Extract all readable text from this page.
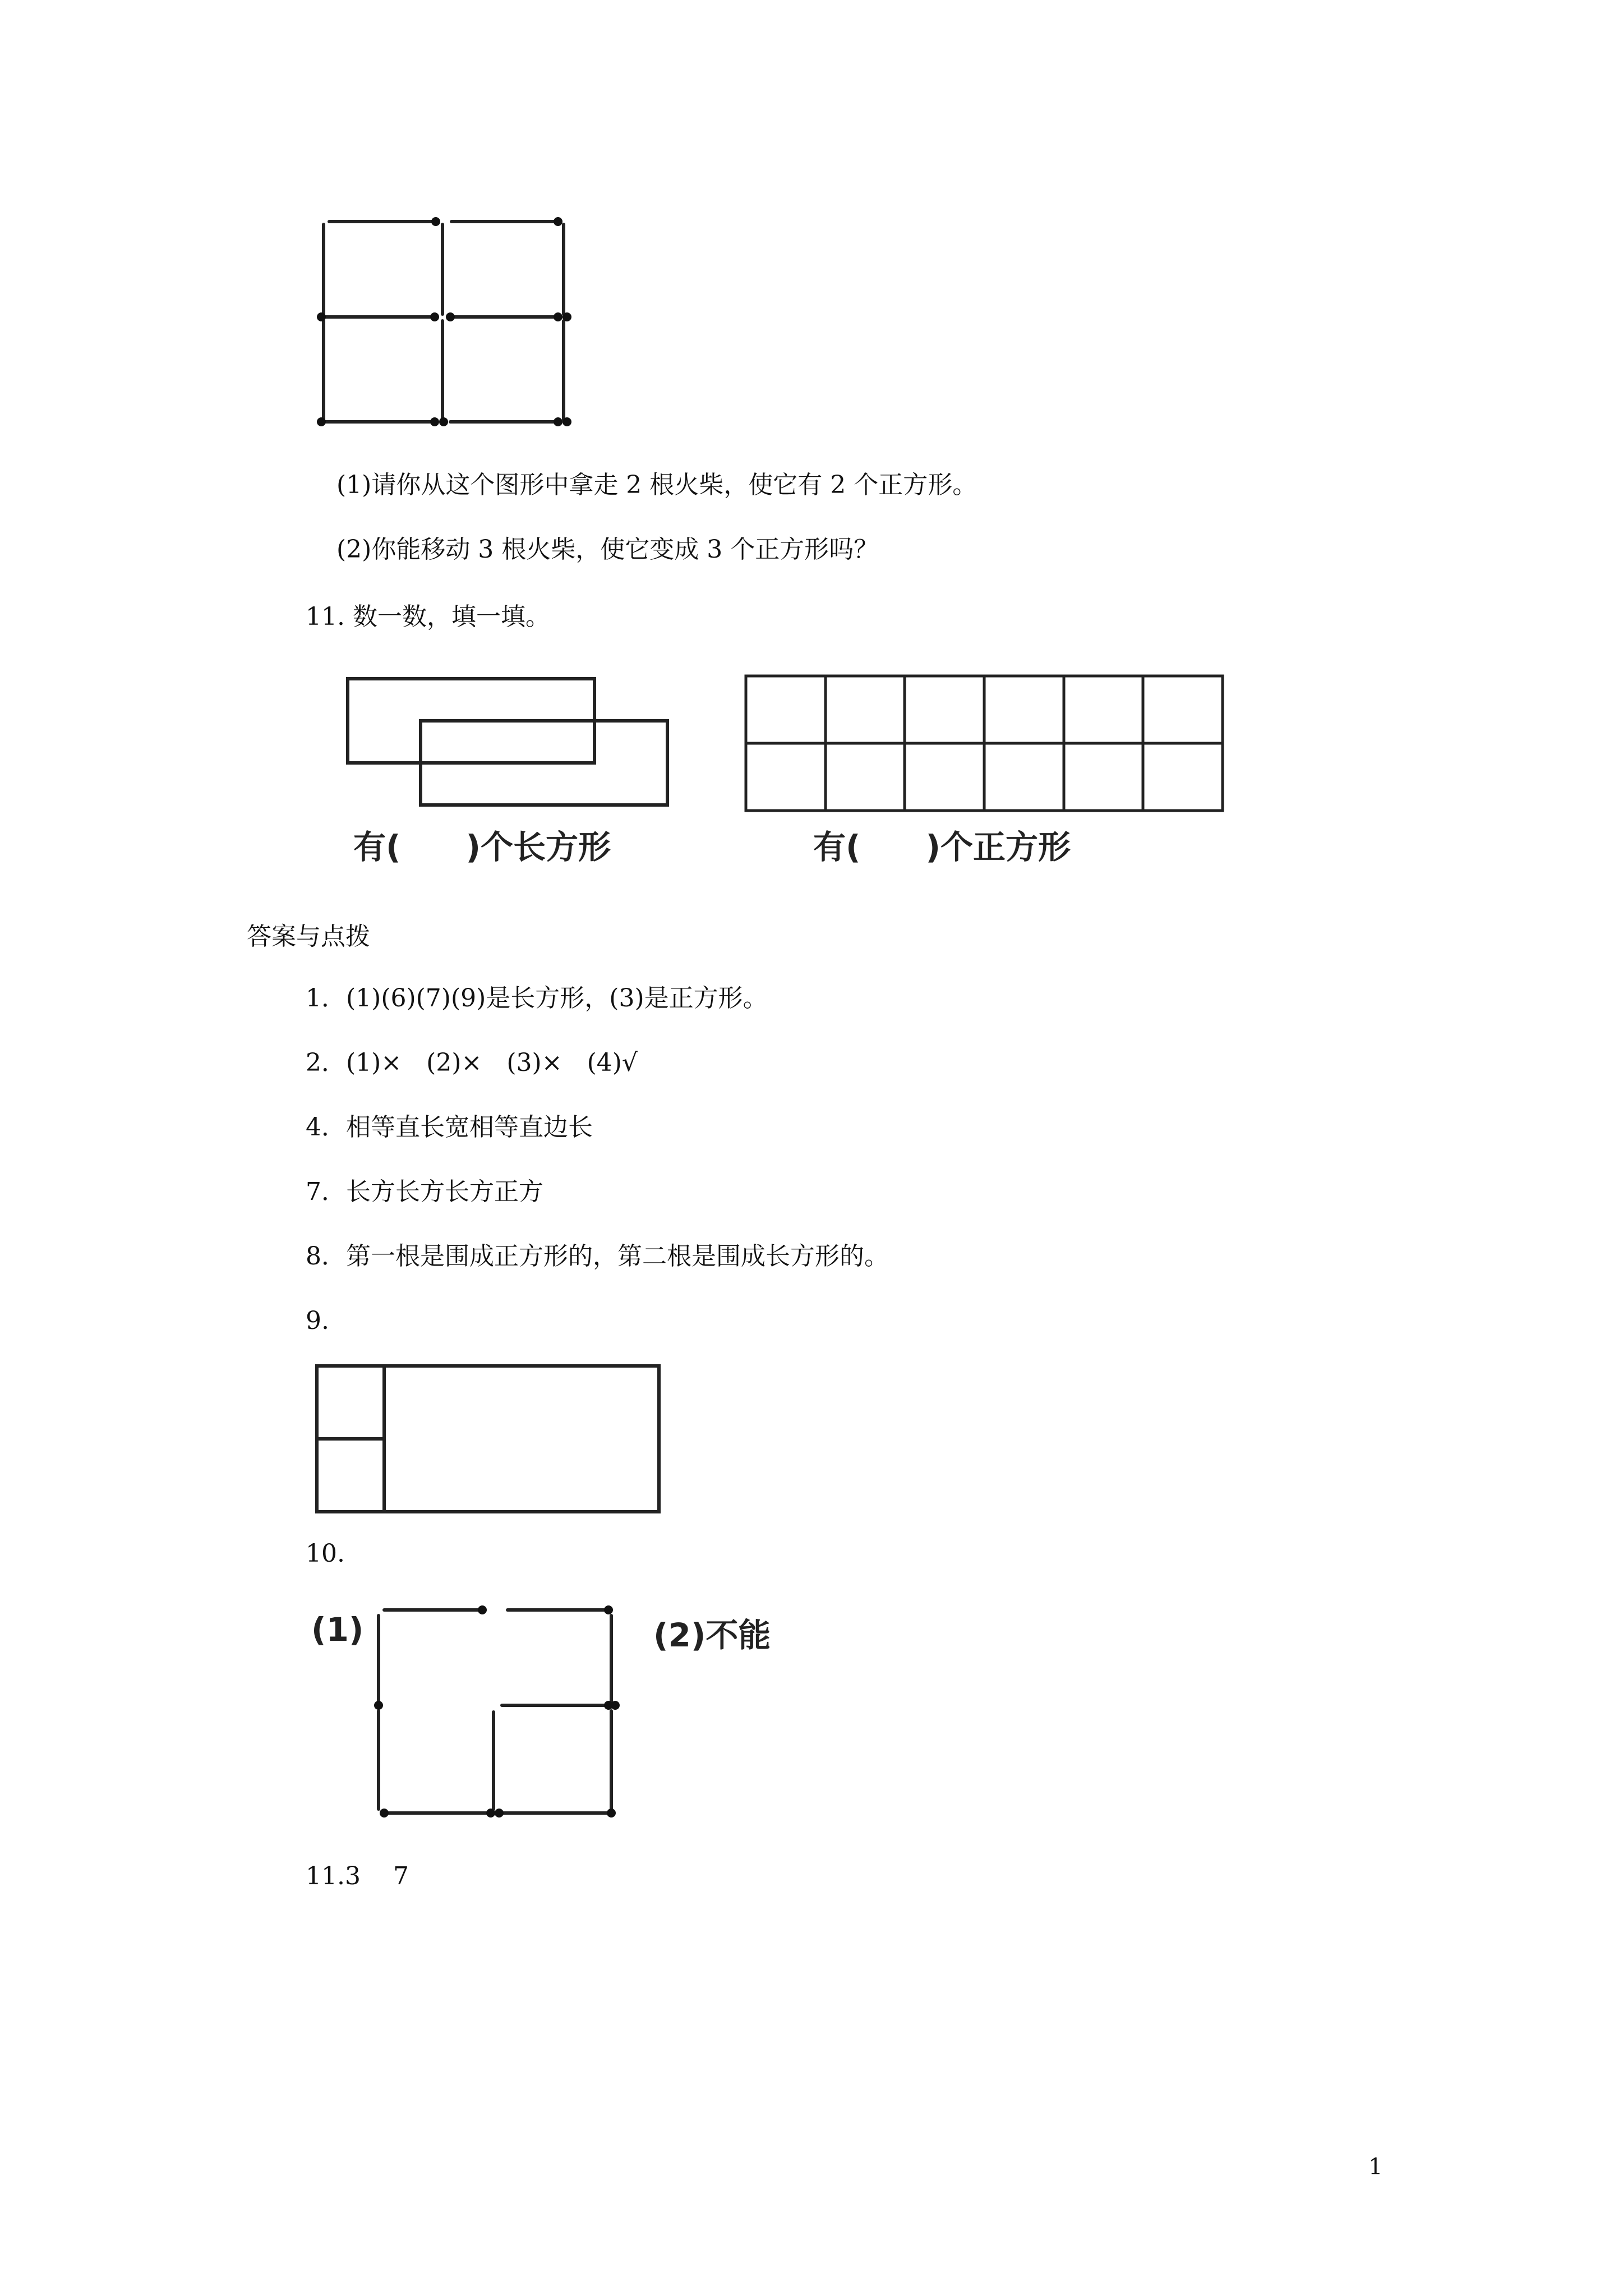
(1)请你从这个图形中拿走 2 根火柴，使它有 2 个正方形。
(2)你能移动 3 根火柴，使它变成 3 个正方形吗？
11. 数一数，填一填。
有(　　)个长方形	有(　　)个正方形
答案与点拨
1．(1)(6)(7)(9)是长方形，(3)是正方形。
2．(1)×　(2)×　(3)×　(4)√
4．相等直长宽相等直边长
7．长方长方长方正方
8．第一根是围成正方形的，第二根是围成长方形的。
9.
10.
(1)	(2)不能
11.3　 7
1
